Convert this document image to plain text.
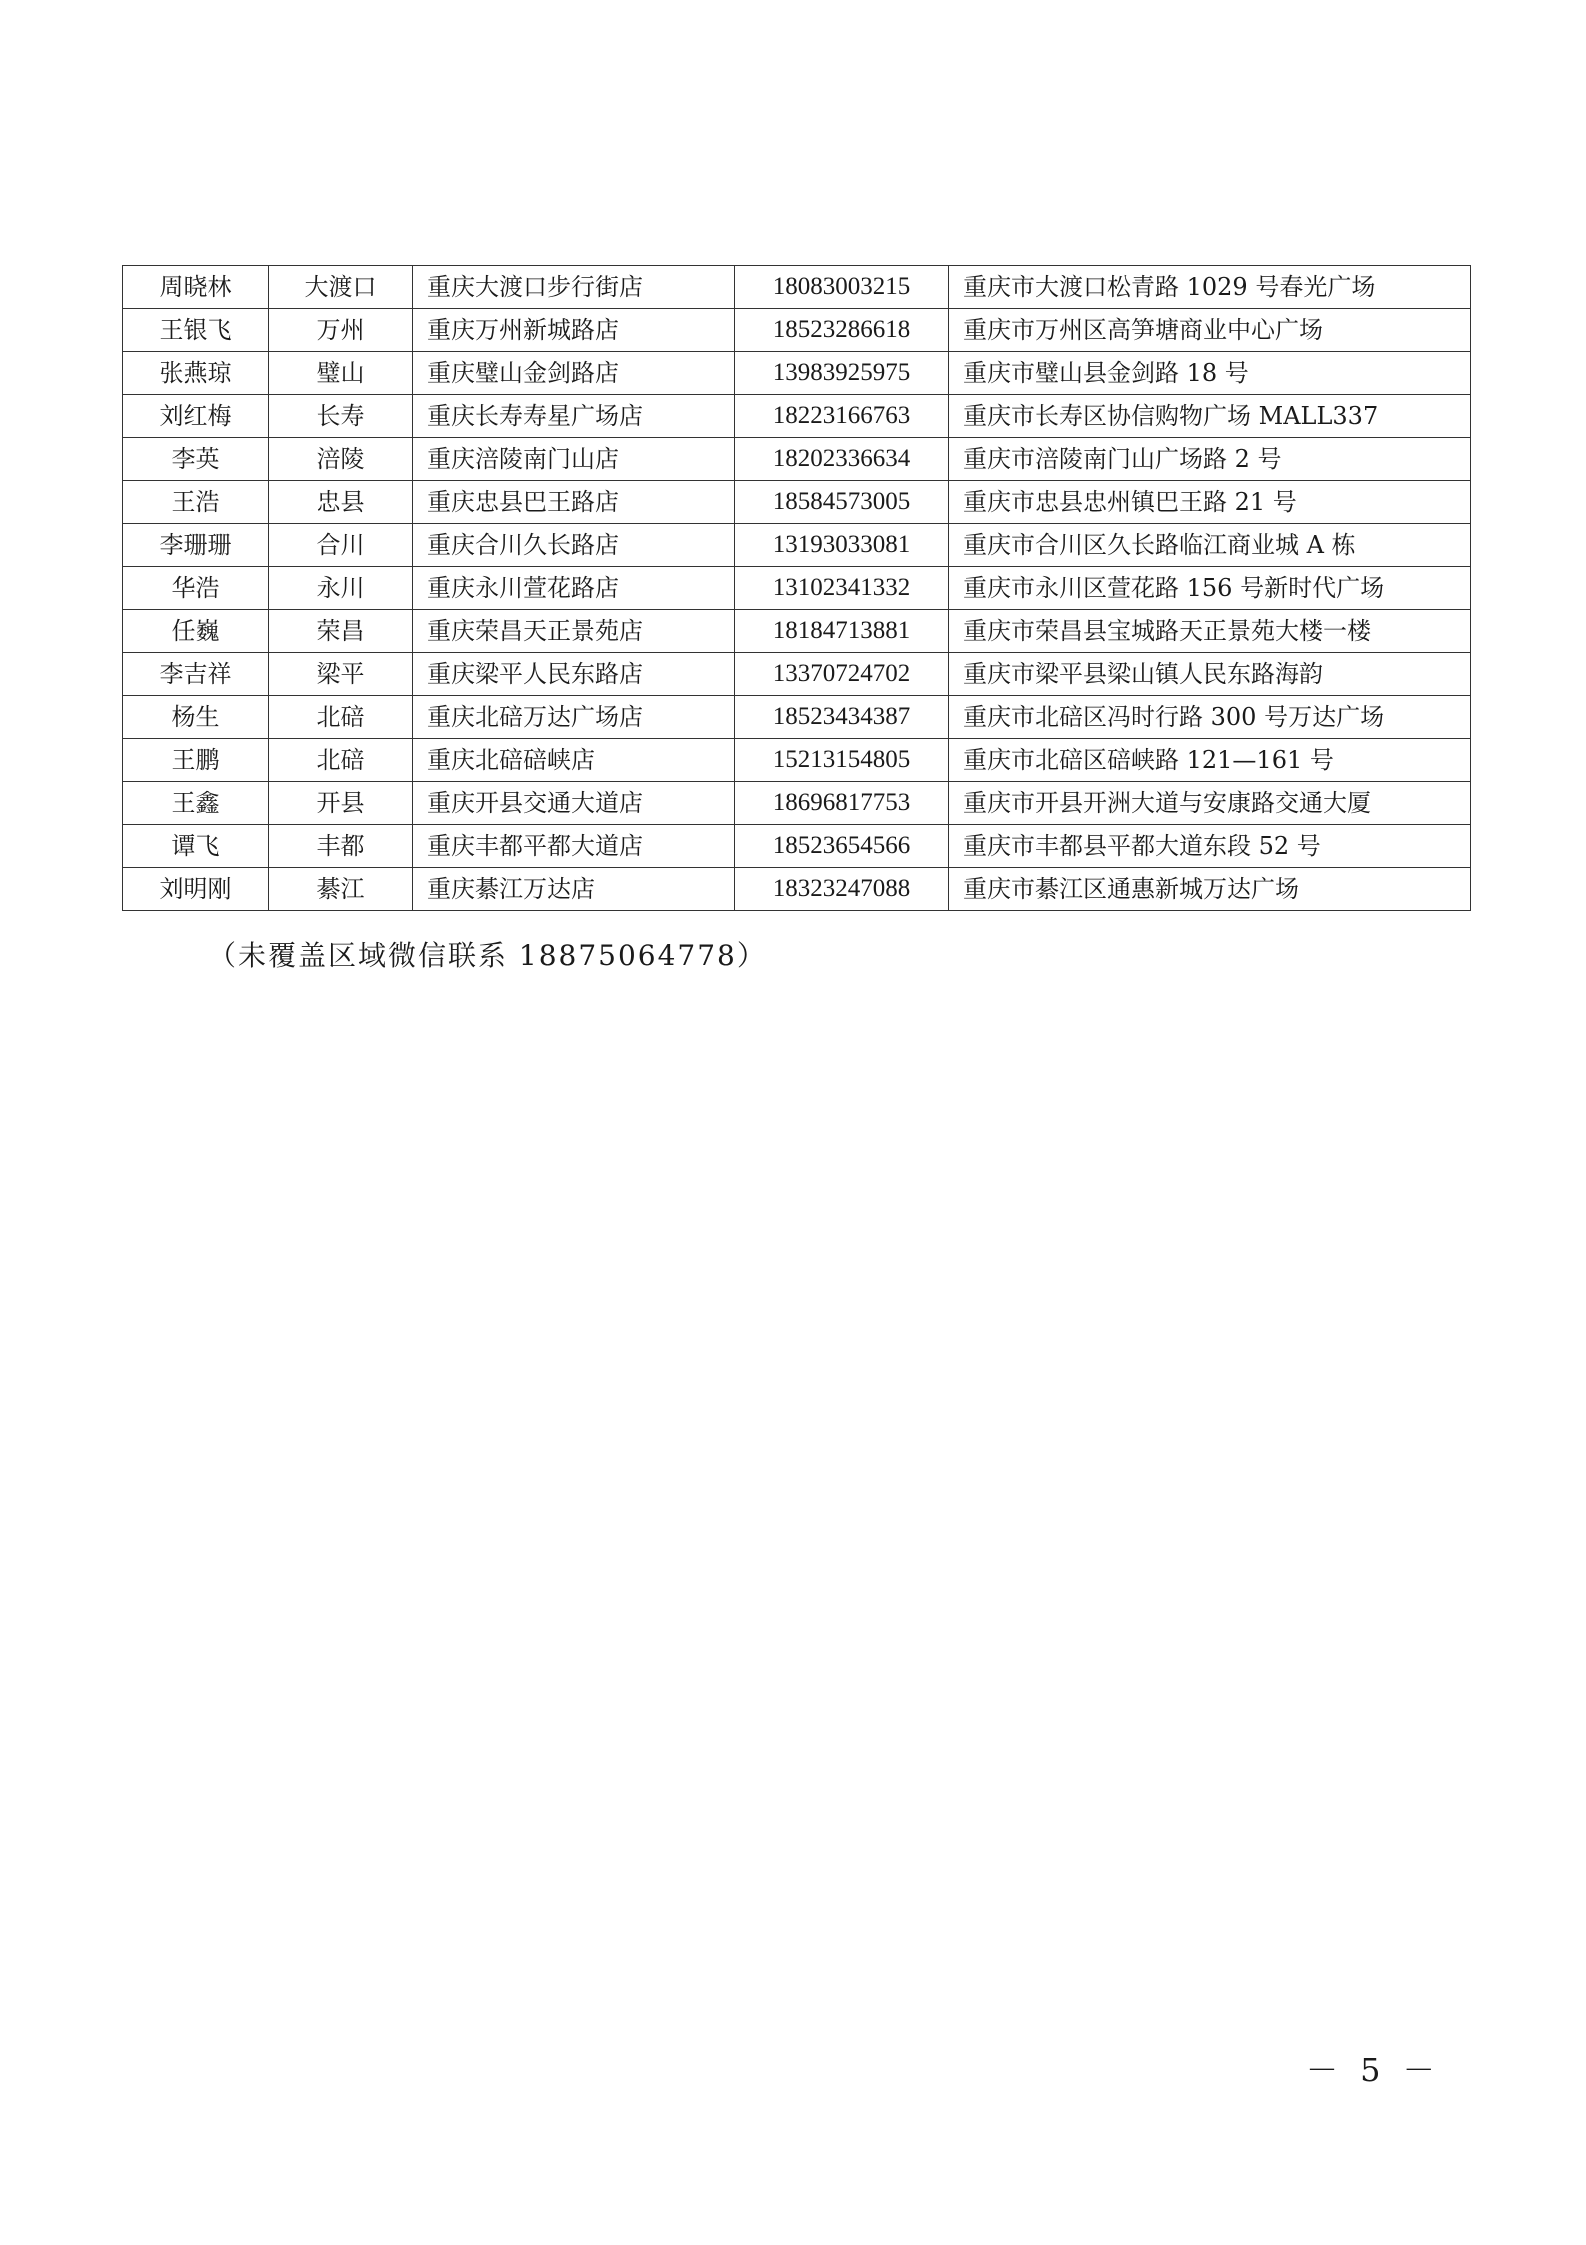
周晓林	大渡口	重庆大渡口步行街店	18083003215	重庆市大渡口松青路 1029 号春光广场
王银飞	万州	重庆万州新城路店	18523286618	重庆市万州区高笋塘商业中心广场
张燕琼	璧山	重庆璧山金剑路店	13983925975	重庆市璧山县金剑路 18 号
刘红梅	长寿	重庆长寿寿星广场店	18223166763	重庆市长寿区协信购物广场 MALL337
李英	涪陵	重庆涪陵南门山店	18202336634	重庆市涪陵南门山广场路 2 号
王浩	忠县	重庆忠县巴王路店	18584573005	重庆市忠县忠州镇巴王路 21 号
李珊珊	合川	重庆合川久长路店	13193033081	重庆市合川区久长路临江商业城 A 栋
华浩	永川	重庆永川萱花路店	13102341332	重庆市永川区萱花路 156 号新时代广场
任巍	荣昌	重庆荣昌天正景苑店	18184713881	重庆市荣昌县宝城路天正景苑大楼一楼
李吉祥	梁平	重庆梁平人民东路店	13370724702	重庆市梁平县梁山镇人民东路海韵
杨生	北碚	重庆北碚万达广场店	18523434387	重庆市北碚区冯时行路 300 号万达广场
王鹏	北碚	重庆北碚碚峡店	15213154805	重庆市北碚区碚峡路 121—161 号
王鑫	开县	重庆开县交通大道店	18696817753	重庆市开县开洲大道与安康路交通大厦
谭飞	丰都	重庆丰都平都大道店	18523654566	重庆市丰都县平都大道东段 52 号
刘明刚	綦江	重庆綦江万达店	18323247088	重庆市綦江区通惠新城万达广场
（未覆盖区域微信联系 18875064778）
－ 5 －
